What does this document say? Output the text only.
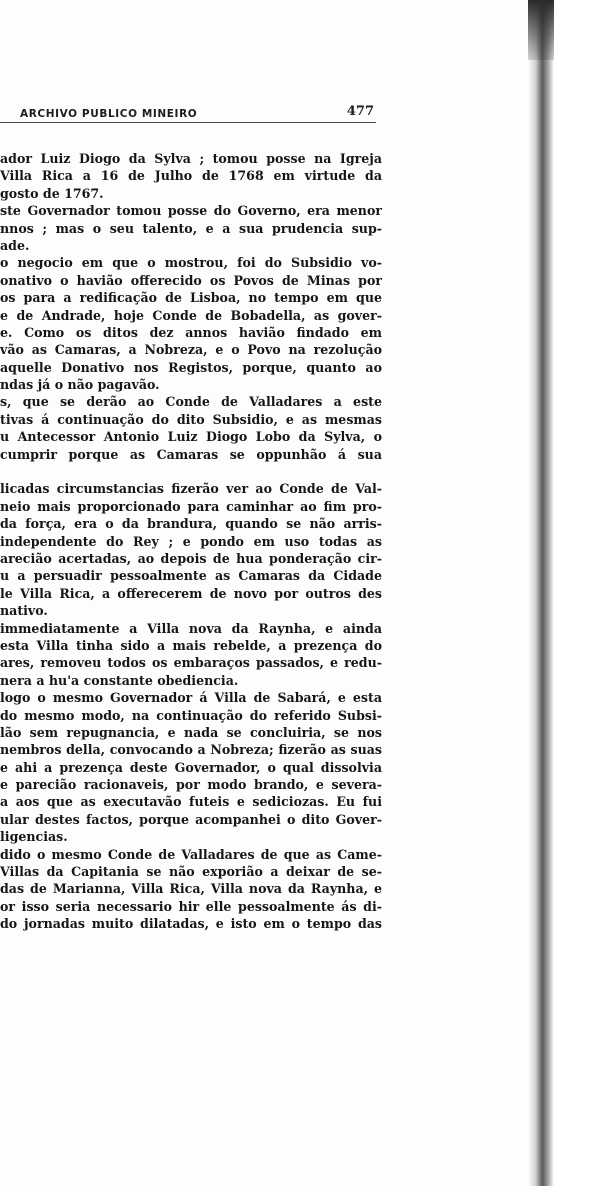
ARCHIVO PUBLICO MINEIRO	477
ador Luiz Diogo da Sylva ; tomou posse na Igreja
Villa Rica a 16 de Julho de 1768 em virtude da
gosto de 1767.
ste Governador tomou posse do Governo, era menor
nnos ; mas o seu talento, e a sua prudencia sup-
ade.
o negocio em que o mostrou, foi do Subsidio vo-
onativo o havião offerecido os Povos de Minas por
os para a redificação de Lisboa, no tempo em que
e de Andrade, hoje Conde de Bobadella, as gover-
e. Como os ditos dez annos havião findado em
vão as Camaras, a Nobreza, e o Povo na rezolução
aquelle Donativo nos Registos, porque, quanto ao
ndas já o não pagavão.
s, que se derão ao Conde de Valladares a este
tivas á continuação do dito Subsidio, e as mesmas
u Antecessor Antonio Luiz Diogo Lobo da Sylva, o
cumprir porque as Camaras se oppunhão á sua
licadas circumstancias fizerão ver ao Conde de Val-
neio mais proporcionado para caminhar ao fim pro-
da força, era o da brandura, quando se não arris-
independente do Rey ; e pondo em uso todas as
arecião acertadas, ao depois de hua ponderação cir-
u a persuadir pessoalmente as Camaras da Cidade
le Villa Rica, a offerecerem de novo por outros des
nativo.
immediatamente a Villa nova da Raynha, e ainda
esta Villa tinha sido a mais rebelde, a prezença do
ares, removeu todos os embaraços passados, e redu-
nera a hu'a constante obediencia.
logo o mesmo Governador á Villa de Sabará, e esta
do mesmo modo, na continuação do referido Subsi-
lão sem repugnancia, e nada se concluiria, se nos
nembros della, convocando a Nobreza; fizerão as suas
e ahi a prezença deste Governador, o qual dissolvia
e parecião racionaveis, por modo brando, e severa-
a aos que as executavão futeis e sediciozas. Eu fui
ular destes factos, porque acompanhei o dito Gover-
ligencias.
dido o mesmo Conde de Valladares de que as Came-
Villas da Capitania se não exporião a deixar de se-
das de Marianna, Villa Rica, Villa nova da Raynha, e
or isso seria necessario hir elle pessoalmente ás di-
do jornadas muito dilatadas, e isto em o tempo das
